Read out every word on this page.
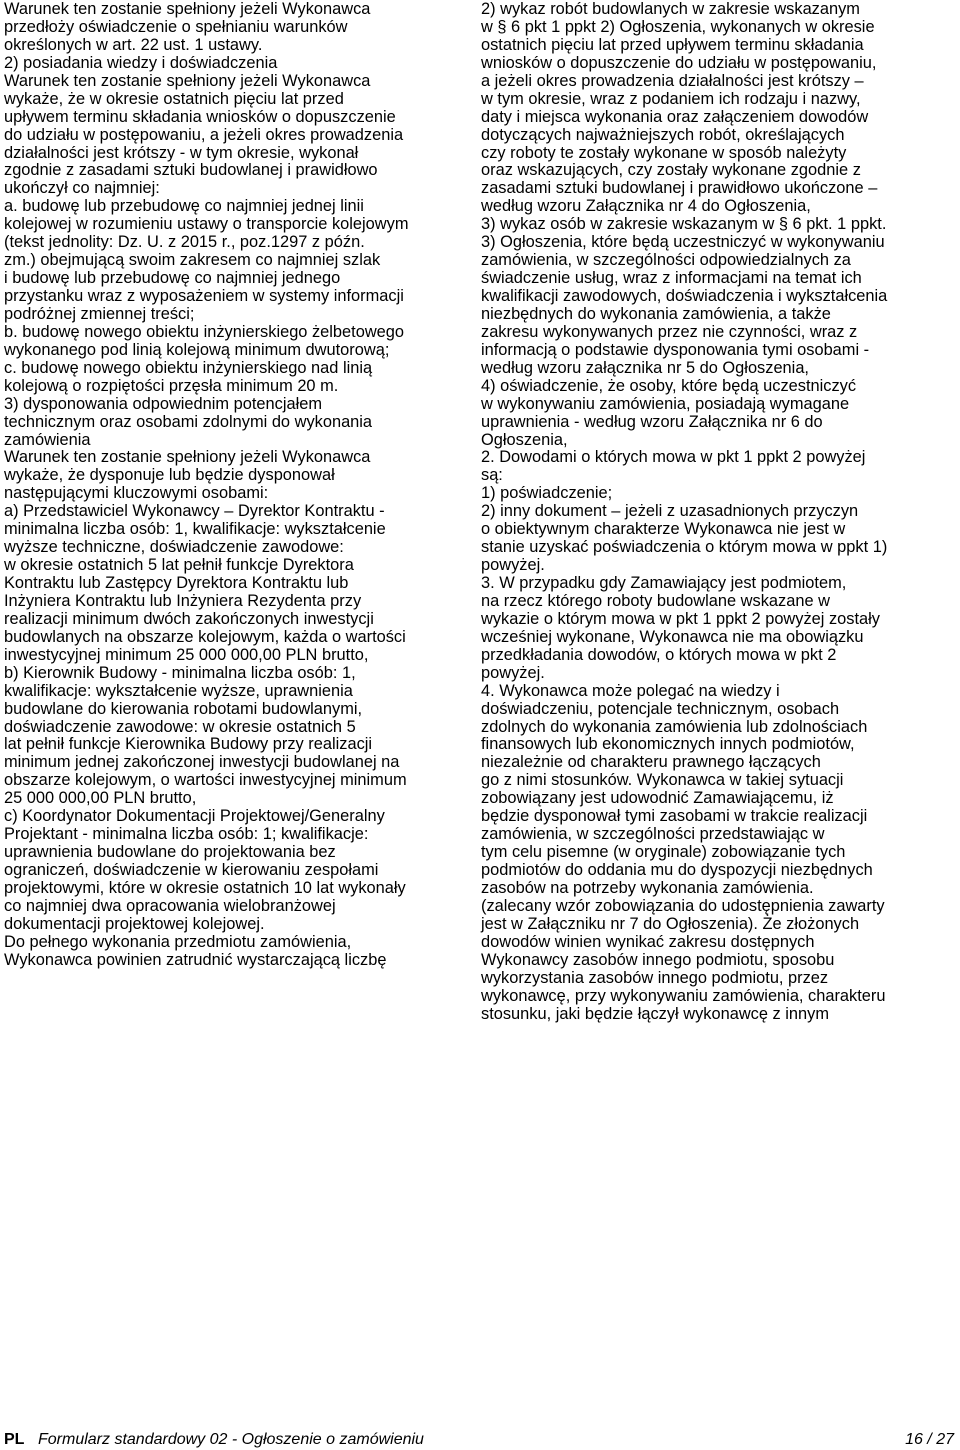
Warunek ten zostanie spełniony jeżeli Wykonawca
przedłoży oświadczenie o spełnianiu warunków
określonych w art. 22 ust. 1 ustawy.
2) posiadania wiedzy i doświadczenia
Warunek ten zostanie spełniony jeżeli Wykonawca
wykaże, że w okresie ostatnich pięciu lat przed
upływem terminu składania wniosków o dopuszczenie
do udziału w postępowaniu, a jeżeli okres prowadzenia
działalności jest krótszy - w tym okresie, wykonał
zgodnie z zasadami sztuki budowlanej i prawidłowo
ukończył co najmniej:
a. budowę lub przebudowę co najmniej jednej linii
kolejowej w rozumieniu ustawy o transporcie kolejowym
(tekst jednolity: Dz. U. z 2015 r., poz.1297 z późn.
zm.) obejmującą swoim zakresem co najmniej szlak
i budowę lub przebudowę co najmniej jednego
przystanku wraz z wyposażeniem w systemy informacji
podróżnej zmiennej treści;
b. budowę nowego obiektu inżynierskiego żelbetowego
wykonanego pod linią kolejową minimum dwutorową;
c. budowę nowego obiektu inżynierskiego nad linią
kolejową o rozpiętości przęsła minimum 20 m.
3) dysponowania odpowiednim potencjałem
technicznym oraz osobami zdolnymi do wykonania
zamówienia
Warunek ten zostanie spełniony jeżeli Wykonawca
wykaże, że dysponuje lub będzie dysponował
następującymi kluczowymi osobami:
a) Przedstawiciel Wykonawcy – Dyrektor Kontraktu -
minimalna liczba osób: 1, kwalifikacje: wykształcenie
wyższe techniczne, doświadczenie zawodowe:
w okresie ostatnich 5 lat pełnił funkcje Dyrektora
Kontraktu lub Zastępcy Dyrektora Kontraktu lub
Inżyniera Kontraktu lub Inżyniera Rezydenta przy
realizacji minimum dwóch zakończonych inwestycji
budowlanych na obszarze kolejowym, każda o wartości
inwestycyjnej minimum 25 000 000,00 PLN brutto,
b) Kierownik Budowy - minimalna liczba osób: 1,
kwalifikacje: wykształcenie wyższe, uprawnienia
budowlane do kierowania robotami budowlanymi,
doświadczenie zawodowe: w okresie ostatnich 5
lat pełnił funkcje Kierownika Budowy przy realizacji
minimum jednej zakończonej inwestycji budowlanej na
obszarze kolejowym, o wartości inwestycyjnej minimum
25 000 000,00 PLN brutto,
c) Koordynator Dokumentacji Projektowej/Generalny
Projektant - minimalna liczba osób: 1; kwalifikacje:
uprawnienia budowlane do projektowania bez
ograniczeń, doświadczenie w kierowaniu zespołami
projektowymi, które w okresie ostatnich 10 lat wykonały
co najmniej dwa opracowania wielobranżowej
dokumentacji projektowej kolejowej.
Do pełnego wykonania przedmiotu zamówienia,
Wykonawca powinien zatrudnić wystarczającą liczbę
2) wykaz robót budowlanych w zakresie wskazanym
w § 6 pkt 1 ppkt 2) Ogłoszenia, wykonanych w okresie
ostatnich pięciu lat przed upływem terminu składania
wniosków o dopuszczenie do udziału w postępowaniu,
a jeżeli okres prowadzenia działalności jest krótszy –
w tym okresie, wraz z podaniem ich rodzaju i nazwy,
daty i miejsca wykonania oraz załączeniem dowodów
dotyczących najważniejszych robót, określających
czy roboty te zostały wykonane w sposób należyty
oraz wskazujących, czy zostały wykonane zgodnie z
zasadami sztuki budowlanej i prawidłowo ukończone –
według wzoru Załącznika nr 4 do Ogłoszenia,
3) wykaz osób w zakresie wskazanym w § 6 pkt. 1 ppkt.
3) Ogłoszenia, które będą uczestniczyć w wykonywaniu
zamówienia, w szczególności odpowiedzialnych za
świadczenie usług, wraz z informacjami na temat ich
kwalifikacji zawodowych, doświadczenia i wykształcenia
niezbędnych do wykonania zamówienia, a także
zakresu wykonywanych przez nie czynności, wraz z
informacją o podstawie dysponowania tymi osobami -
według wzoru załącznika nr 5 do Ogłoszenia,
4) oświadczenie, że osoby, które będą uczestniczyć
w wykonywaniu zamówienia, posiadają wymagane
uprawnienia - według wzoru Załącznika nr 6 do
Ogłoszenia,
2. Dowodami o których mowa w pkt 1 ppkt 2 powyżej
są:
1) poświadczenie;
2) inny dokument – jeżeli z uzasadnionych przyczyn
o obiektywnym charakterze Wykonawca nie jest w
stanie uzyskać poświadczenia o którym mowa w ppkt 1)
powyżej.
3. W przypadku gdy Zamawiający jest podmiotem,
na rzecz którego roboty budowlane wskazane w
wykazie o którym mowa w pkt 1 ppkt 2 powyżej zostały
wcześniej wykonane, Wykonawca nie ma obowiązku
przedkładania dowodów, o których mowa w pkt 2
powyżej.
4. Wykonawca może polegać na wiedzy i
doświadczeniu, potencjale technicznym, osobach
zdolnych do wykonania zamówienia lub zdolnościach
finansowych lub ekonomicznych innych podmiotów,
niezależnie od charakteru prawnego łączących
go z nimi stosunków. Wykonawca w takiej sytuacji
zobowiązany jest udowodnić Zamawiającemu, iż
będzie dysponował tymi zasobami w trakcie realizacji
zamówienia, w szczególności przedstawiając w
tym celu pisemne (w oryginale) zobowiązanie tych
podmiotów do oddania mu do dyspozycji niezbędnych
zasobów na potrzeby wykonania zamówienia.
(zalecany wzór zobowiązania do udostępnienia zawarty
jest w Załączniku nr 7 do Ogłoszenia). Że złożonych
dowodów winien wynikać zakresu dostępnych
Wykonawcy zasobów innego podmiotu, sposobu
wykorzystania zasobów innego podmiotu, przez
wykonawcę, przy wykonywaniu zamówienia, charakteru
stosunku, jaki będzie łączył wykonawcę z innym
PL Formularz standardowy 02 - Ogłoszenie o zamówieniu	16 / 27
